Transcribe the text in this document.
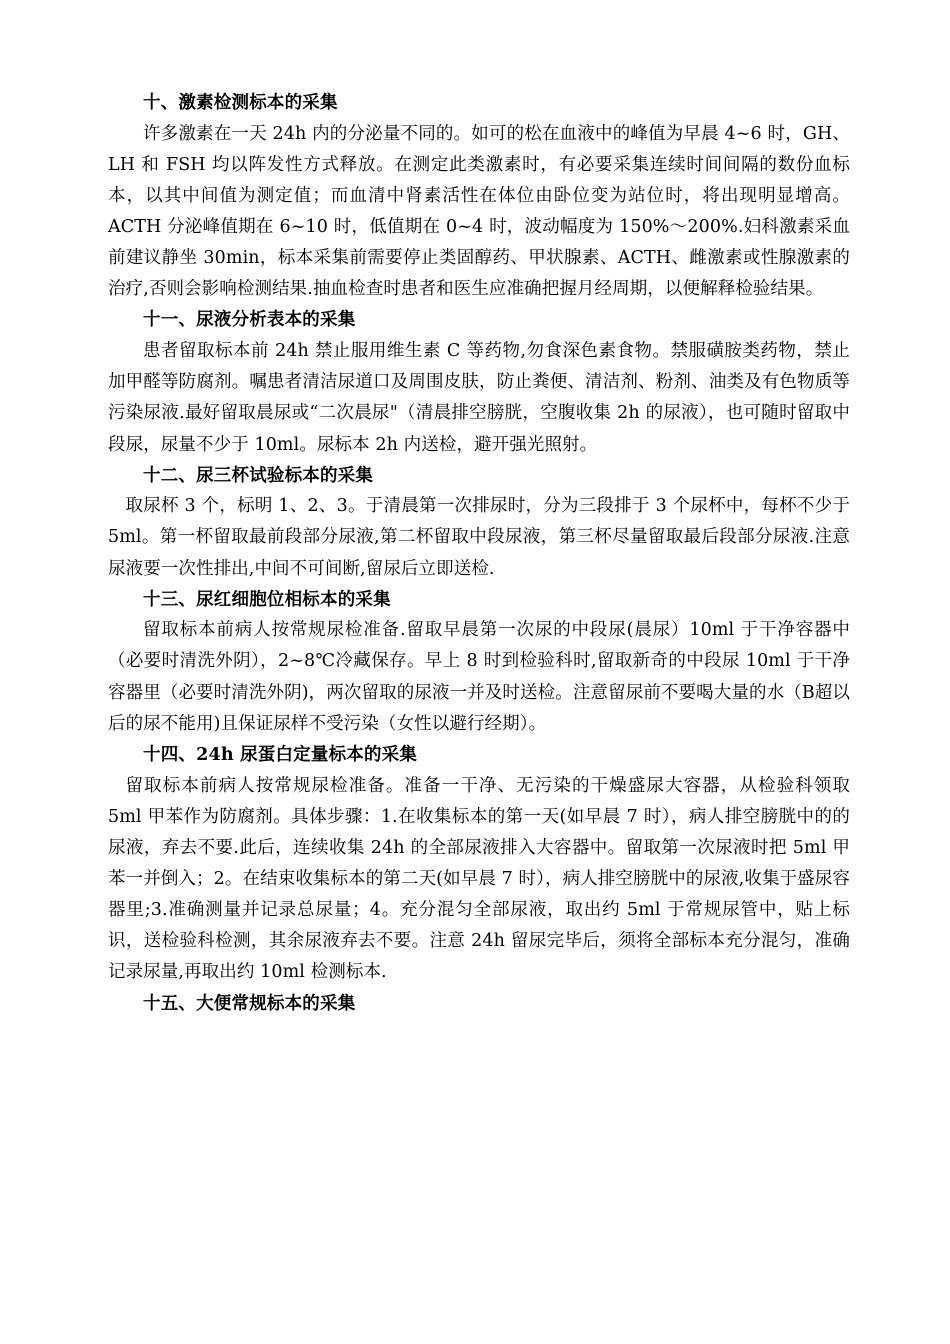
十、激素检测标本的采集

许多激素在一天 24h 内的分泌量不同的。如可的松在血液中的峰值为早晨 4~6 时，GH、LH 和 FSH 均以阵发性方式释放。在测定此类激素时，有必要采集连续时间间隔的数份血标本，以其中间值为测定值；而血清中肾素活性在体位由卧位变为站位时，将出现明显增高。ACTH 分泌峰值期在 6~10 时，低值期在 0~4 时，波动幅度为 150%～200%.妇科激素采血前建议静坐 30min，标本采集前需要停止类固醇药、甲状腺素、ACTH、雌激素或性腺激素的治疗,否则会影响检测结果.抽血检查时患者和医生应准确把握月经周期，以便解释检验结果。

十一、尿液分析表本的采集

患者留取标本前 24h 禁止服用维生素 C 等药物,勿食深色素食物。禁服磺胺类药物，禁止加甲醛等防腐剂。嘱患者清洁尿道口及周围皮肤，防止粪便、清洁剂、粉剂、油类及有色物质等污染尿液.最好留取晨尿或“二次晨尿"（清晨排空膀胱，空腹收集 2h 的尿液），也可随时留取中段尿，尿量不少于 10ml。尿标本 2h 内送检，避开强光照射。

十二、尿三杯试验标本的采集

取尿杯 3 个，标明 1、2、3。于清晨第一次排尿时，分为三段排于 3 个尿杯中，每杯不少于 5ml。第一杯留取最前段部分尿液,第二杯留取中段尿液，第三杯尽量留取最后段部分尿液.注意尿液要一次性排出,中间不可间断,留尿后立即送检.

十三、尿红细胞位相标本的采集

留取标本前病人按常规尿检准备.留取早晨第一次尿的中段尿(晨尿）10ml 于干净容器中（必要时清洗外阴），2~8℃冷藏保存。早上 8 时到检验科时,留取新奇的中段尿 10ml 于干净容器里（必要时清洗外阴)，两次留取的尿液一并及时送检。注意留尿前不要喝大量的水（B超以后的尿不能用)且保证尿样不受污染（女性以避行经期）。

十四、24h 尿蛋白定量标本的采集

留取标本前病人按常规尿检准备。准备一干净、无污染的干燥盛尿大容器，从检验科领取 5ml 甲苯作为防腐剂。具体步骤：1.在收集标本的第一天(如早晨 7 时），病人排空膀胱中的的尿液，弃去不要.此后，连续收集 24h 的全部尿液排入大容器中。留取第一次尿液时把 5ml 甲苯一并倒入；2。在结束收集标本的第二天(如早晨 7 时），病人排空膀胱中的尿液,收集于盛尿容器里;3.准确测量并记录总尿量；4。充分混匀全部尿液，取出约 5ml 于常规尿管中，贴上标识，送检验科检测，其余尿液弃去不要。注意 24h 留尿完毕后，须将全部标本充分混匀，准确记录尿量,再取出约 10ml 检测标本.

十五、大便常规标本的采集
